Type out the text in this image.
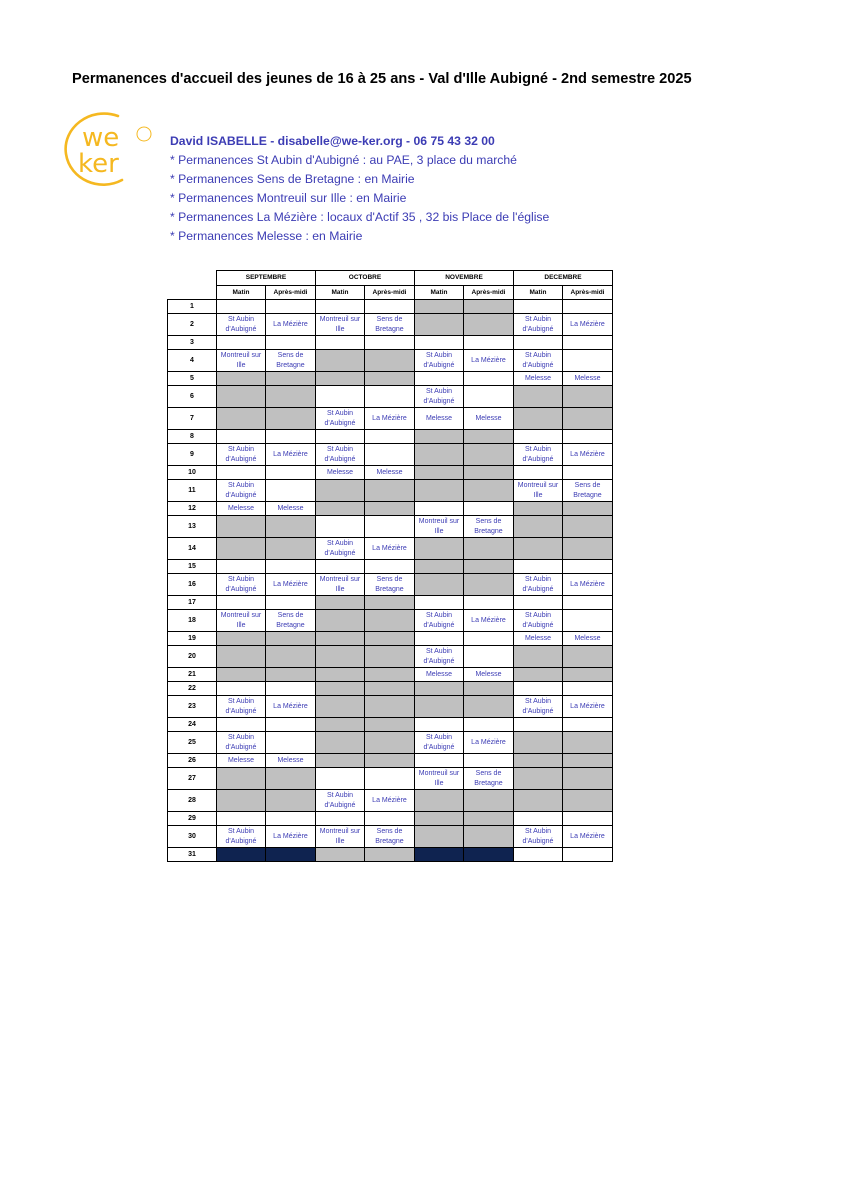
Permanences d'accueil des jeunes de 16 à 25 ans - Val d'Ille Aubigné - 2nd semestre 2025
we
ker
David ISABELLE - disabelle@we-ker.org - 06 75 43 32 00
* Permanences St Aubin d'Aubigné : au PAE, 3 place du marché
* Permanences Sens de Bretagne : en Mairie
* Permanences Montreuil sur Ille : en Mairie
* Permanences La Mézière : locaux d'Actif 35 , 32 bis Place de l'église
* Permanences Melesse : en Mairie
	SEPTEMBRE		OCTOBRE		NOVEMBRE		DECEMBRE	
	Matin	Après-midi	Matin	Après-midi	Matin	Après-midi	Matin	Après-midi
1								
2	St Aubin
d'Aubigné	La Mézière	Montreuil sur
Ille	Sens de
Bretagne			St Aubin
d'Aubigné	La Mézière

3								
4	Montreuil sur
Ille	Sens de
Bretagne			St Aubin
d'Aubigné	La Mézière	St Aubin
d'Aubigné	

5							Melesse	Melesse

6					St Aubin
d'Aubigné			

7			St Aubin
d'Aubigné	La Mézière	Melesse	Melesse		

8								
9	St Aubin
d'Aubigné	La Mézière	St Aubin
d'Aubigné				St Aubin
d'Aubigné	La Mézière

10			Melesse	Melesse				

11	St Aubin
d'Aubigné						Montreuil sur
Ille	Sens de
Bretagne

12	Melesse	Melesse						

13					Montreuil sur
Ille	Sens de
Bretagne		

14			St Aubin
d'Aubigné	La Mézière				

15								
16	St Aubin
d'Aubigné	La Mézière	Montreuil sur
Ille	Sens de
Bretagne			St Aubin
d'Aubigné	La Mézière

17								
18	Montreuil sur
Ille	Sens de
Bretagne			St Aubin
d'Aubigné	La Mézière	St Aubin
d'Aubigné	

19							Melesse	Melesse

20					St Aubin
d'Aubigné			

21					Melesse	Melesse		

22								
23	St Aubin
d'Aubigné	La Mézière					St Aubin
d'Aubigné	La Mézière

24								
25	St Aubin
d'Aubigné				St Aubin
d'Aubigné	La Mézière		

26	Melesse	Melesse						

27					Montreuil sur
Ille	Sens de
Bretagne		

28			St Aubin
d'Aubigné	La Mézière				

29								
30	St Aubin
d'Aubigné	La Mézière	Montreuil sur
Ille	Sens de
Bretagne			St Aubin
d'Aubigné	La Mézière

31								
